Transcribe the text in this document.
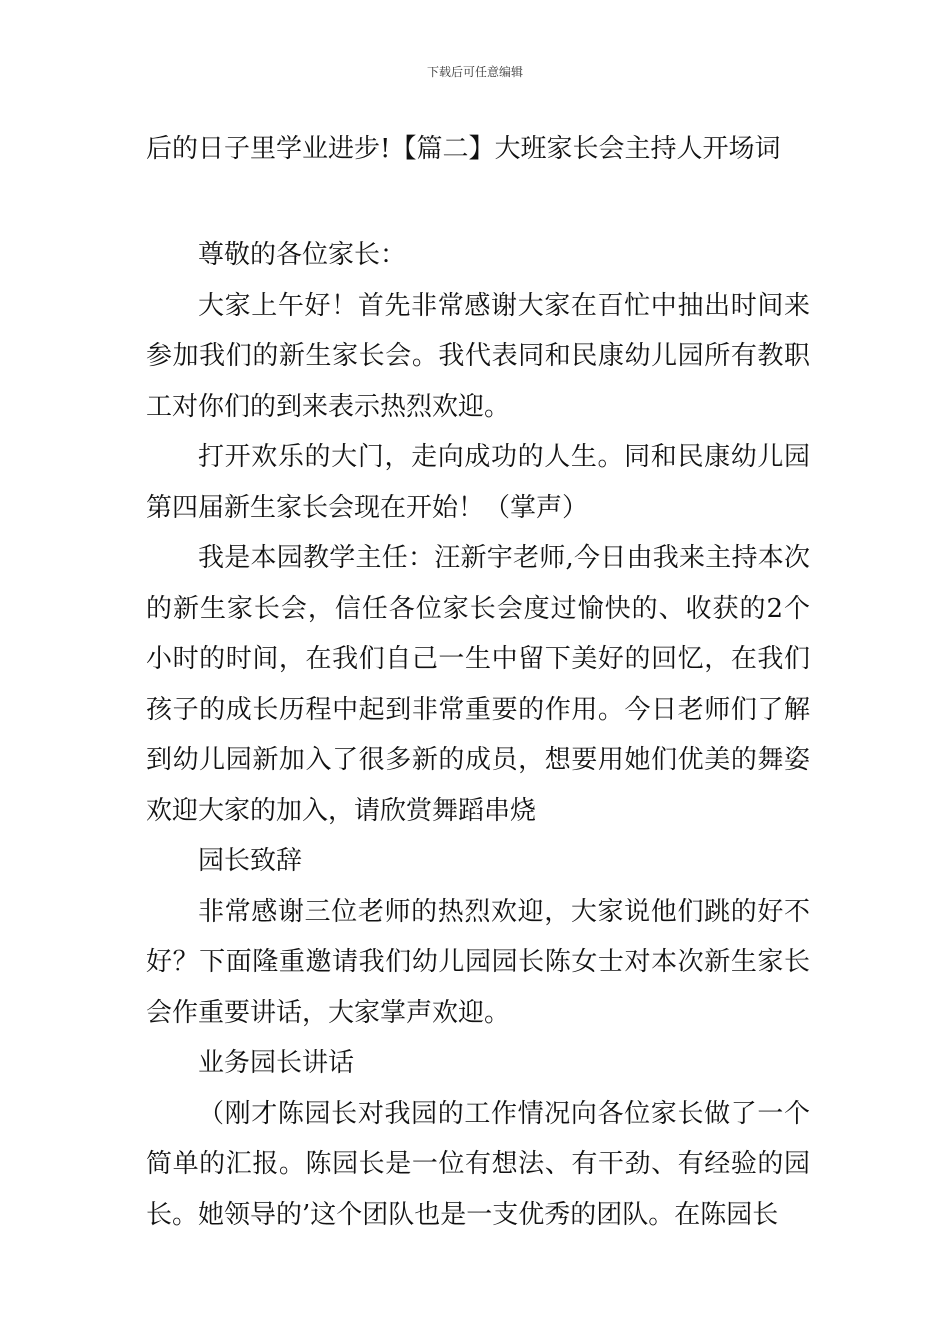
下载后可任意编辑

后的日子里学业进步!【篇二】大班家长会主持人开场词

尊敬的各位家长：

大家上午好！首先非常感谢大家在百忙中抽出时间来参加我们的新生家长会。我代表同和民康幼儿园所有教职工对你们的到来表示热烈欢迎。

打开欢乐的大门，走向成功的人生。同和民康幼儿园第四届新生家长会现在开始！（掌声）

我是本园教学主任：汪新宇老师,今日由我来主持本次的新生家长会，信任各位家长会度过愉快的、收获的2个小时的时间，在我们自己一生中留下美好的回忆，在我们孩子的成长历程中起到非常重要的作用。今日老师们了解到幼儿园新加入了很多新的成员，想要用她们优美的舞姿欢迎大家的加入，请欣赏舞蹈串烧

园长致辞

非常感谢三位老师的热烈欢迎，大家说他们跳的好不好？下面隆重邀请我们幼儿园园长陈女士对本次新生家长会作重要讲话，大家掌声欢迎。

业务园长讲话

（刚才陈园长对我园的工作情况向各位家长做了一个简单的汇报。陈园长是一位有想法、有干劲、有经验的园长。她领导的’这个团队也是一支优秀的团队。在陈园长
